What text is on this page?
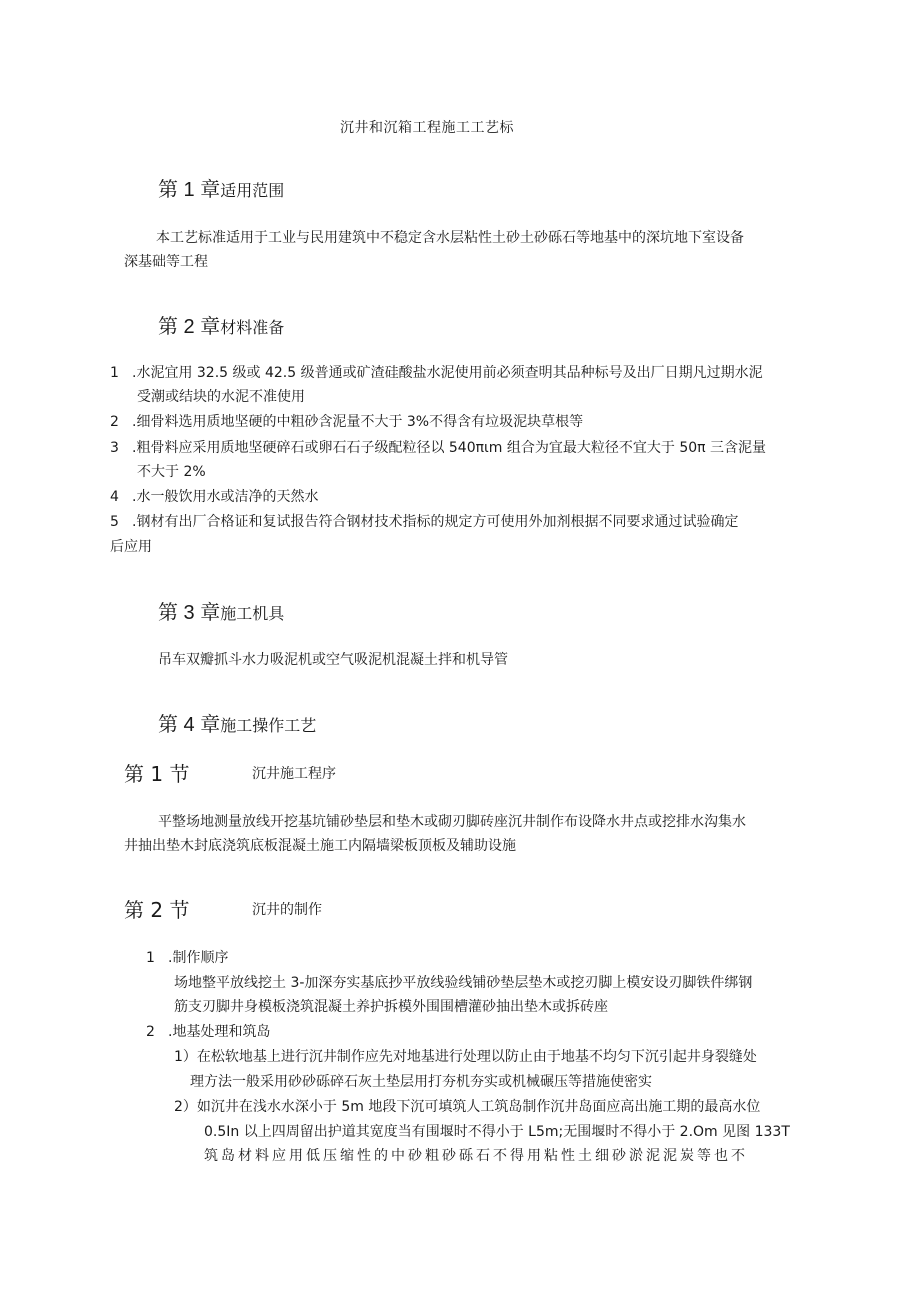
沉井和沉箱工程施工工艺标

第 1 章适用范围

本工艺标准适用于工业与民用建筑中不稳定含水层粘性土砂土砂砾石等地基中的深坑地下室设备

深基础等工程

第 2 章材料准备
1 .水泥宜用 32.5 级或 42.5 级普通或矿渣硅酸盐水泥使用前必须查明其品种标号及出厂日期凡过期水泥

受潮或结块的水泥不准使用

2 .细骨料选用质地坚硬的中粗砂含泥量不大于 3%不得含有垃圾泥块草根等
3 .粗骨料应采用质地坚硬碎石或卵石石子级配粒径以 540πιm 组合为宜最大粒径不宜大于 50π 三含泥量

不大于 2%

4 .水一般饮用水或洁净的天然水
5 .钢材有出厂合格证和复试报告符合钢材技术指标的规定方可使用外加剂根据不同要求通过试验确定

后应用

第 3 章施工机具

吊车双瓣抓斗水力吸泥机或空气吸泥机混凝土拌和机导管

第 4 章施工操作工艺
第 1 节	沉井施工程序

平整场地测量放线开挖基坑铺砂垫层和垫木或砌刃脚砖座沉井制作布设降水井点或挖排水沟集水

井抽出垫木封底浇筑底板混凝土施工内隔墙梁板顶板及辅助设施

第 2 节	沉井的制作
1 .制作顺序

场地整平放线挖土 3-加深夯实基底抄平放线验线铺砂垫层垫木或挖刃脚上模安设刃脚铁件绑钢

筋支刃脚井身模板浇筑混凝土养护拆模外围围槽灌砂抽出垫木或拆砖座

2 .地基处理和筑岛
1）在松软地基上进行沉井制作应先对地基进行处理以防止由于地基不均匀下沉引起井身裂缝处

理方法一般采用砂砂砾碎石灰土垫层用打夯机夯实或机械碾压等措施使密实

2）如沉井在浅水水深小于 5m 地段下沉可填筑人工筑岛制作沉井岛面应高出施工期的最高水位

0.5In 以上四周留出护道其宽度当有围堰时不得小于 L5m;无围堰时不得小于 2.Om 见图 133T

筑岛材料应用低压缩性的中砂粗砂砾石不得用粘性土细砂淤泥泥炭等也不
